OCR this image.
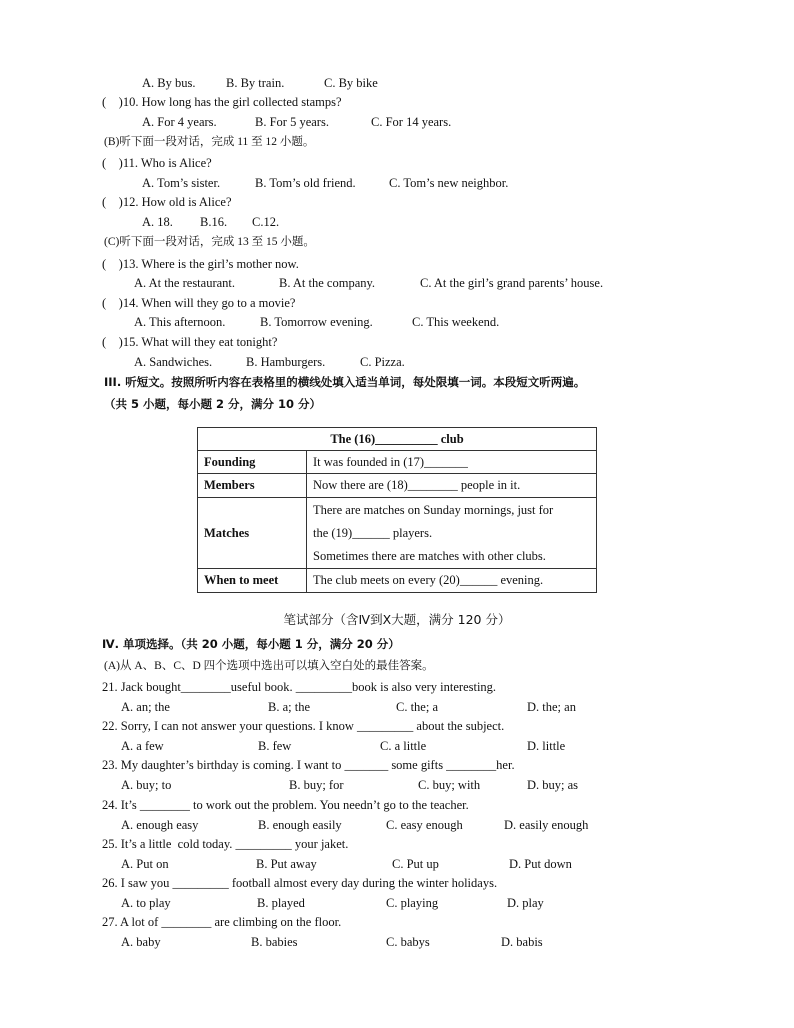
A. By bus. B. By train.	C. By bike
(    )10. How long has the girl collected stamps?
A. For 4 years.	B. For 5 years.	C. For 14 years.
(B)听下面一段对话，完成 11 至 12 小题。
(    )11. Who is Alice?
A. Tom’s sister.	B. Tom’s old friend.	C. Tom’s new neighbor.
(    )12. How old is Alice?
A. 18. B.16. C.12.
(C)听下面一段对话，完成 13 至 15 小题。
(    )13. Where is the girl’s mother now.
A. At the restaurant.	B. At the company.	C. At the girl’s grand parents’ house.
(    )14. When will they go to a movie?
A. This afternoon.	B. Tomorrow evening.	C. This weekend.
(    )15. What will they eat tonight?
A. Sandwiches.	B. Hamburgers.	C. Pizza.
III. 听短文。按照所听内容在表格里的横线处填入适当单词，每处限填一词。本段短文听两遍。
（共 5 小题，每小题 2 分，满分 10 分）
The (16)__________ club	
Founding	It was founded in (17)_______
Members	Now there are (18)________ people in it.
Matches	There are matches on Sunday mornings, just for
the (19)______ players.
Sometimes there are matches with other clubs.

When to meet	The club meets on every (20)______ evening.
笔试部分（含Ⅳ到Ⅹ大题，满分 120 分）
Ⅳ. 单项选择。（共 20 小题，每小题 1 分，满分 20 分）
(A)从 A、B、C、D 四个选项中选出可以填入空白处的最佳答案。
21. Jack bought________useful book. _________book is also very interesting.
A. an; the	B. a; the	C. the; a	D. the; an
22. Sorry, I can not answer your questions. I know _________ about the subject.
A. a few	B. few	C. a little	D. little
23. My daughter’s birthday is coming. I want to _______ some gifts ________her.
A. buy; to	B. buy; for	C. buy; with	D. buy; as
24. It’s ________ to work out the problem. You needn’t go to the teacher.
A. enough easy	B. enough easily	C. easy enough	D. easily enough
25. It’s a little  cold today. _________ your jaket.
A. Put on	B. Put away	C. Put up	D. Put down
26. I saw you _________ football almost every day during the winter holidays.
A. to play	B. played	C. playing	D. play
27. A lot of ________ are climbing on the floor.
A. baby	B. babies	C. babys	D. babis
